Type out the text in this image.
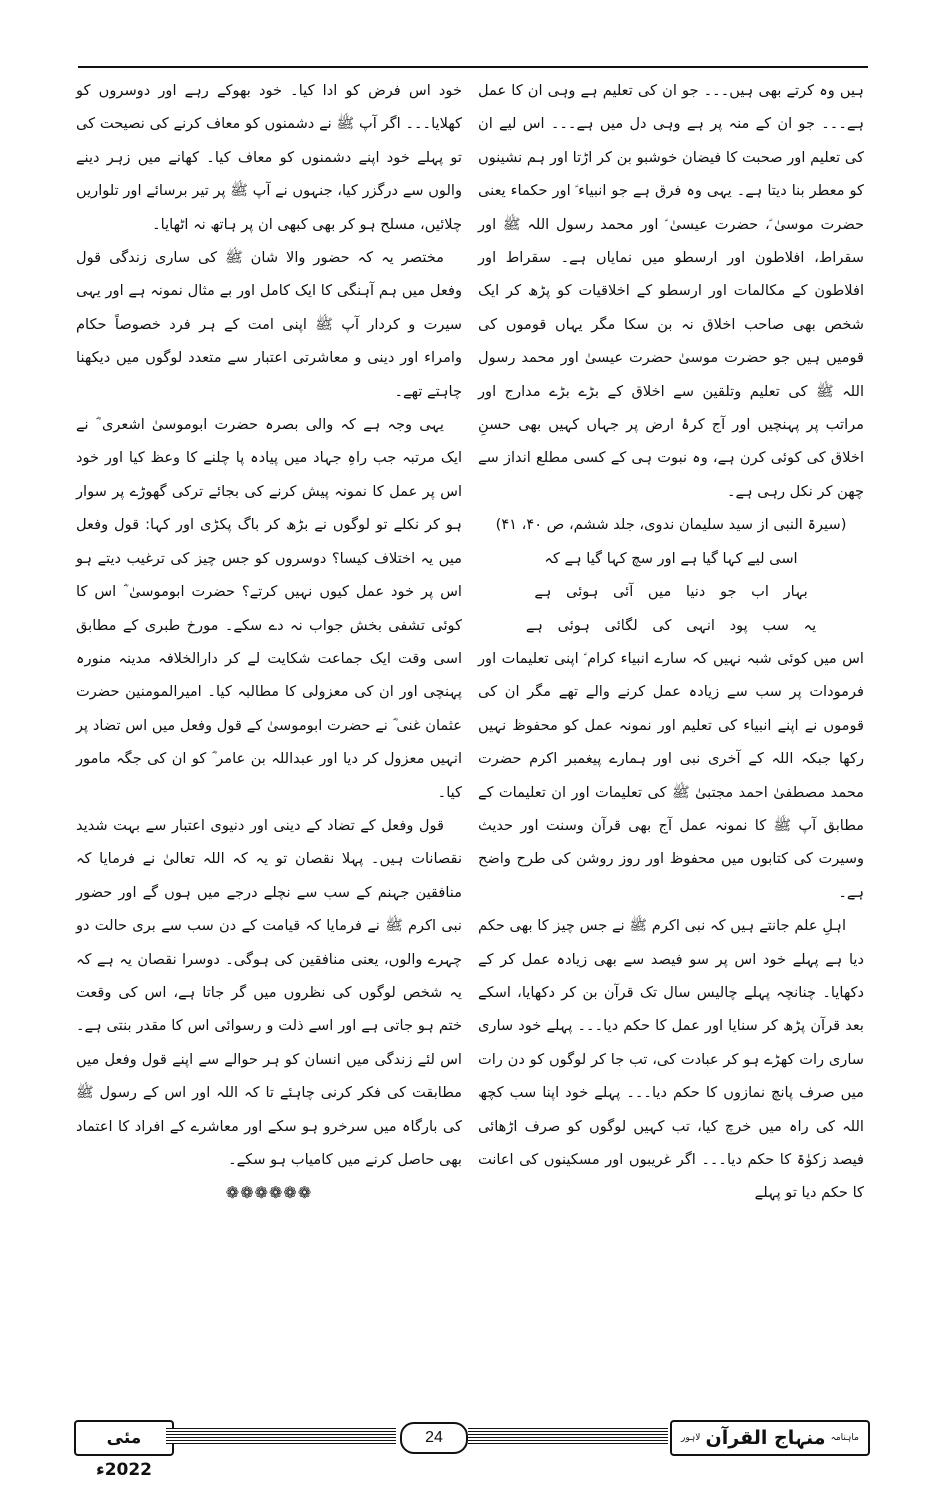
ہیں وہ کرتے بھی ہیں۔۔۔ جو ان کی تعلیم ہے وہی ان کا عمل ہے۔۔۔ جو ان کے منہ پر ہے وہی دل میں ہے۔۔۔ اس لیے ان کی تعلیم اور صحبت کا فیضان خوشبو بن کر اڑتا اور ہم نشینوں کو معطر بنا دیتا ہے۔ یہی وہ فرق ہے جو انبیاء ؑ اور حکماء یعنی حضرت موسیٰ ؑ، حضرت عیسیٰ ؑ اور محمد رسول اللہ ﷺ اور سقراط، افلاطون اور ارسطو میں نمایاں ہے۔ سقراط اور افلاطون کے مکالمات اور ارسطو کے اخلاقیات کو پڑھ کر ایک شخص بھی صاحب اخلاق نہ بن سکا مگر یہاں قوموں کی قومیں ہیں جو حضرت موسیٰ حضرت عیسیٰ اور محمد رسول اللہ ﷺ کی تعلیم وتلقین سے اخلاق کے بڑے بڑے مدارج اور مراتب پر پہنچیں اور آج کرۂ ارض پر جہاں کہیں بھی حسنِ اخلاق کی کوئی کرن ہے، وہ نبوت ہی کے کسی مطلع انداز سے چھن کر نکل رہی ہے۔

(سیرۃ النبی از سید سلیمان ندوی، جلد ششم، ص ۴۰، ۴۱)

اسی لیے کہا گیا ہے اور سچ کہا گیا ہے کہ

بہار اب جو دنیا میں آئی ہوئی ہے

یہ سب پود انہی کی لگائی ہوئی ہے

اس میں کوئی شبہ نہیں کہ سارے انبیاء کرام ؑ اپنی تعلیمات اور فرمودات پر سب سے زیادہ عمل کرنے والے تھے مگر ان کی قوموں نے اپنے انبیاء کی تعلیم اور نمونہ عمل کو محفوظ نہیں رکھا جبکہ اللہ کے آخری نبی اور ہمارے پیغمبر اکرم حضرت محمد مصطفیٰ احمد مجتبیٰ ﷺ کی تعلیمات اور ان تعلیمات کے مطابق آپ ﷺ کا نمونہ عمل آج بھی قرآن وسنت اور حدیث وسیرت کی کتابوں میں محفوظ اور روز روشن کی طرح واضح ہے۔

اہلِ علم جانتے ہیں کہ نبی اکرم ﷺ نے جس چیز کا بھی حکم دیا ہے پہلے خود اس پر سو فیصد سے بھی زیادہ عمل کر کے دکھایا۔ چنانچہ پہلے چالیس سال تک قرآن بن کر دکھایا، اسکے بعد قرآن پڑھ کر سنایا اور عمل کا حکم دیا۔۔۔ پہلے خود ساری ساری رات کھڑے ہو کر عبادت کی، تب جا کر لوگوں کو دن رات میں صرف پانچ نمازوں کا حکم دیا۔۔۔ پہلے خود اپنا سب کچھ اللہ کی راہ میں خرچ کیا، تب کہیں لوگوں کو صرف اڑھائی فیصد زکوٰۃ کا حکم دیا۔۔۔ اگر غریبوں اور مسکینوں کی اعانت کا حکم دیا تو پہلے

خود اس فرض کو ادا کیا۔ خود بھوکے رہے اور دوسروں کو کھلایا۔۔۔ اگر آپ ﷺ نے دشمنوں کو معاف کرنے کی نصیحت کی تو پہلے خود اپنے دشمنوں کو معاف کیا۔ کھانے میں زہر دینے والوں سے درگزر کیا، جنہوں نے آپ ﷺ پر تیر برسائے اور تلواریں چلائیں، مسلح ہو کر بھی کبھی ان پر ہاتھ نہ اٹھایا۔

مختصر یہ کہ حضور والا شان ﷺ کی ساری زندگی قول وفعل میں ہم آہنگی کا ایک کامل اور بے مثال نمونہ ہے اور یہی سیرت و کردار آپ ﷺ اپنی امت کے ہر فرد خصوصاً حکام وامراء اور دینی و معاشرتی اعتبار سے متعدد لوگوں میں دیکھنا چاہتے تھے۔

یہی وجہ ہے کہ والی بصرہ حضرت ابوموسیٰ اشعری ؓ نے ایک مرتبہ جب راہِ جہاد میں پیادہ پا چلنے کا وعظ کیا اور خود اس پر عمل کا نمونہ پیش کرنے کی بجائے ترکی گھوڑے پر سوار ہو کر نکلے تو لوگوں نے بڑھ کر باگ پکڑی اور کہا: قول وفعل میں یہ اختلاف کیسا؟ دوسروں کو جس چیز کی ترغیب دیتے ہو اس پر خود عمل کیوں نہیں کرتے؟ حضرت ابوموسیٰ ؓ اس کا کوئی تشفی بخش جواب نہ دے سکے۔ مورخ طبری کے مطابق اسی وقت ایک جماعت شکایت لے کر دارالخلافہ مدینہ منورہ پہنچی اور ان کی معزولی کا مطالبہ کیا۔ امیرالمومنین حضرت عثمان غنی ؓ نے حضرت ابوموسیٰ کے قول وفعل میں اس تضاد پر انہیں معزول کر دیا اور عبداللہ بن عامر ؓ کو ان کی جگہ مامور کیا۔

قول وفعل کے تضاد کے دینی اور دنیوی اعتبار سے بہت شدید نقصانات ہیں۔ پہلا نقصان تو یہ کہ اللہ تعالیٰ نے فرمایا کہ منافقین جہنم کے سب سے نچلے درجے میں ہوں گے اور حضور نبی اکرم ﷺ نے فرمایا کہ قیامت کے دن سب سے بری حالت دو چہرے والوں، یعنی منافقین کی ہوگی۔ دوسرا نقصان یہ ہے کہ یہ شخص لوگوں کی نظروں میں گر جاتا ہے، اس کی وقعت ختم ہو جاتی ہے اور اسے ذلت و رسوائی اس کا مقدر بنتی ہے۔ اس لئے زندگی میں انسان کو ہر حوالے سے اپنے قول وفعل میں مطابقت کی فکر کرنی چاہئے تا کہ اللہ اور اس کے رسول ﷺ کی بارگاہ میں سرخرو ہو سکے اور معاشرے کے افراد کا اعتماد بھی حاصل کرنے میں کامیاب ہو سکے۔

❁❁❁❁❁❁

مئی 2022ء
24	$^{ماہنامہ}$ منہاج القرآن $^{لاہور}$
